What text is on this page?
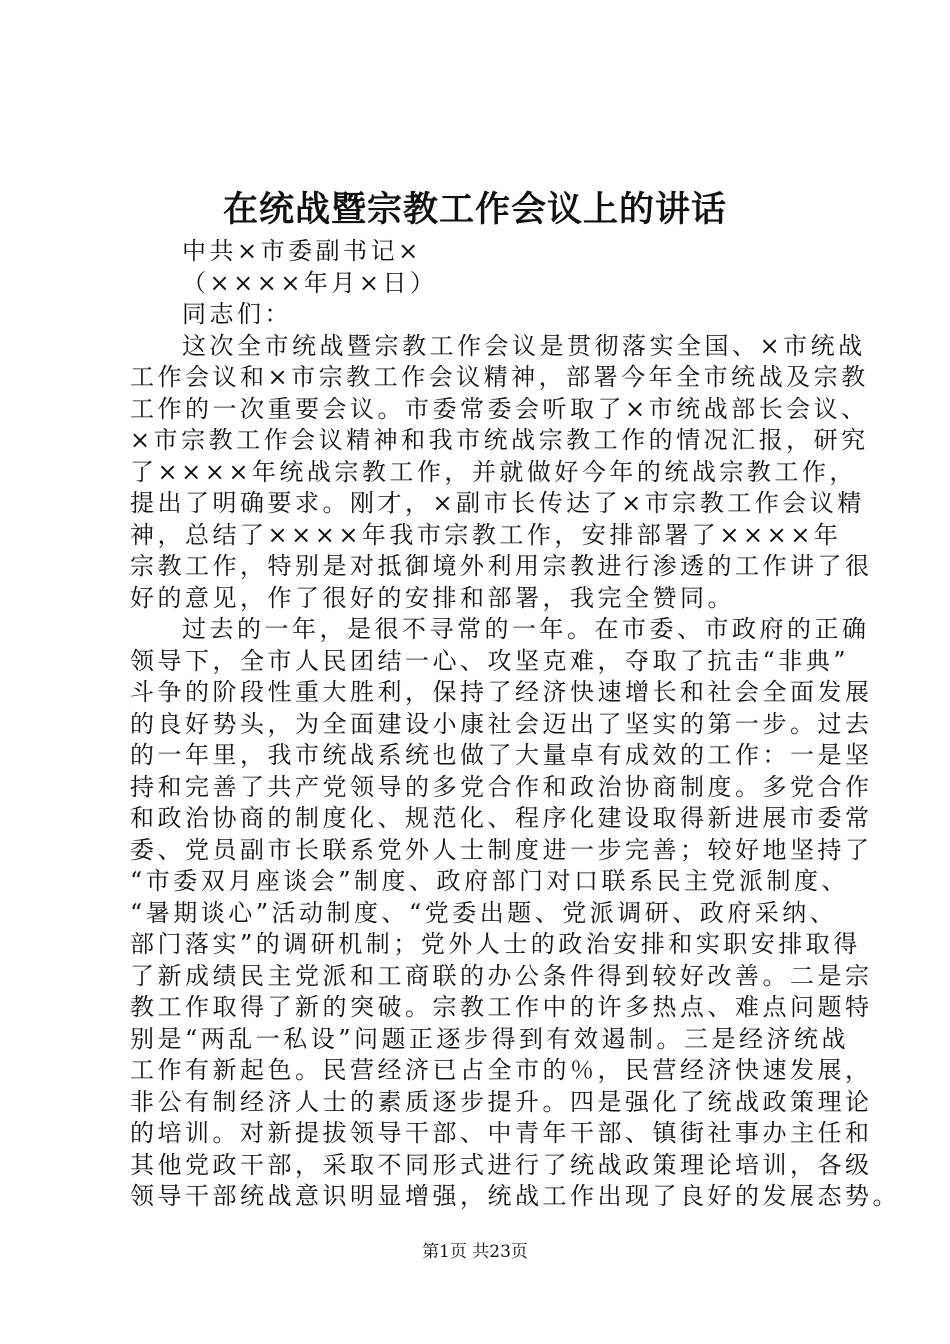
在统战暨宗教工作会议上的讲话
中共×市委副书记×
（××××年月×日）
同志们：
这次全市统战暨宗教工作会议是贯彻落实全国、×市统战
工作会议和×市宗教工作会议精神，部署今年全市统战及宗教
工作的一次重要会议。市委常委会听取了×市统战部长会议、
×市宗教工作会议精神和我市统战宗教工作的情况汇报，研究
了××××年统战宗教工作，并就做好今年的统战宗教工作，
提出了明确要求。刚才，×副市长传达了×市宗教工作会议精
神，总结了××××年我市宗教工作，安排部署了××××年
宗教工作，特别是对抵御境外利用宗教进行渗透的工作讲了很
好的意见，作了很好的安排和部署，我完全赞同。
过去的一年，是很不寻常的一年。在市委、市政府的正确
领导下，全市人民团结一心、攻坚克难，夺取了抗击“非典”
斗争的阶段性重大胜利，保持了经济快速增长和社会全面发展
的良好势头，为全面建设小康社会迈出了坚实的第一步。过去
的一年里，我市统战系统也做了大量卓有成效的工作：一是坚
持和完善了共产党领导的多党合作和政治协商制度。多党合作
和政治协商的制度化、规范化、程序化建设取得新进展市委常
委、党员副市长联系党外人士制度进一步完善；较好地坚持了
“市委双月座谈会”制度、政府部门对口联系民主党派制度、
“暑期谈心”活动制度、“党委出题、党派调研、政府采纳、
部门落实”的调研机制；党外人士的政治安排和实职安排取得
了新成绩民主党派和工商联的办公条件得到较好改善。二是宗
教工作取得了新的突破。宗教工作中的许多热点、难点问题特
别是“两乱一私设”问题正逐步得到有效遏制。三是经济统战
工作有新起色。民营经济已占全市的％，民营经济快速发展，
非公有制经济人士的素质逐步提升。四是强化了统战政策理论
的培训。对新提拔领导干部、中青年干部、镇街社事办主任和
其他党政干部，采取不同形式进行了统战政策理论培训，各级
领导干部统战意识明显增强，统战工作出现了良好的发展态势。
第1页 共23页
